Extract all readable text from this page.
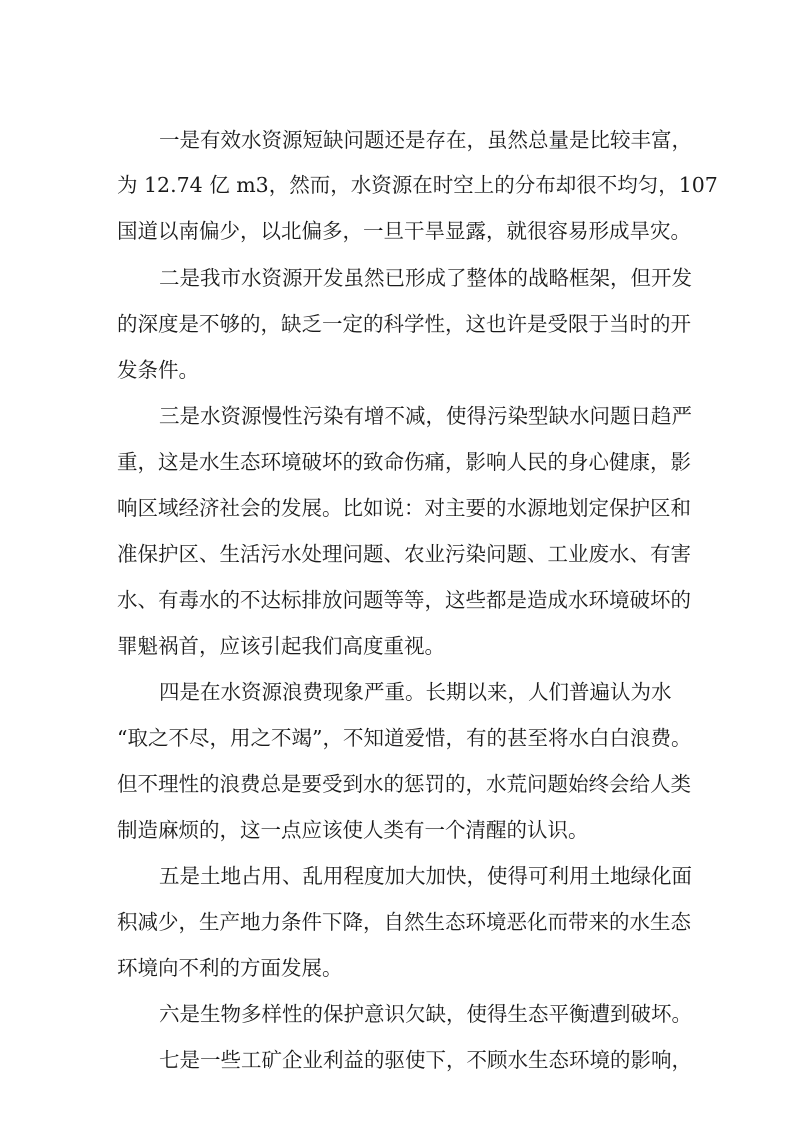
一是有效水资源短缺问题还是存在，虽然总量是比较丰富，
为 12.74 亿 m3，然而，水资源在时空上的分布却很不均匀，107
国道以南偏少，以北偏多，一旦干旱显露，就很容易形成旱灾。
二是我市水资源开发虽然已形成了整体的战略框架，但开发
的深度是不够的，缺乏一定的科学性，这也许是受限于当时的开
发条件。
三是水资源慢性污染有增不减，使得污染型缺水问题日趋严
重，这是水生态环境破坏的致命伤痛，影响人民的身心健康，影
响区域经济社会的发展。比如说：对主要的水源地划定保护区和
准保护区、生活污水处理问题、农业污染问题、工业废水、有害
水、有毒水的不达标排放问题等等，这些都是造成水环境破坏的
罪魁祸首，应该引起我们高度重视。
四是在水资源浪费现象严重。长期以来，人们普遍认为水
“取之不尽，用之不竭”，不知道爱惜，有的甚至将水白白浪费。
但不理性的浪费总是要受到水的惩罚的，水荒问题始终会给人类
制造麻烦的，这一点应该使人类有一个清醒的认识。
五是土地占用、乱用程度加大加快，使得可利用土地绿化面
积减少，生产地力条件下降，自然生态环境恶化而带来的水生态
环境向不利的方面发展。
六是生物多样性的保护意识欠缺，使得生态平衡遭到破坏。
七是一些工矿企业利益的驱使下，不顾水生态环境的影响，
